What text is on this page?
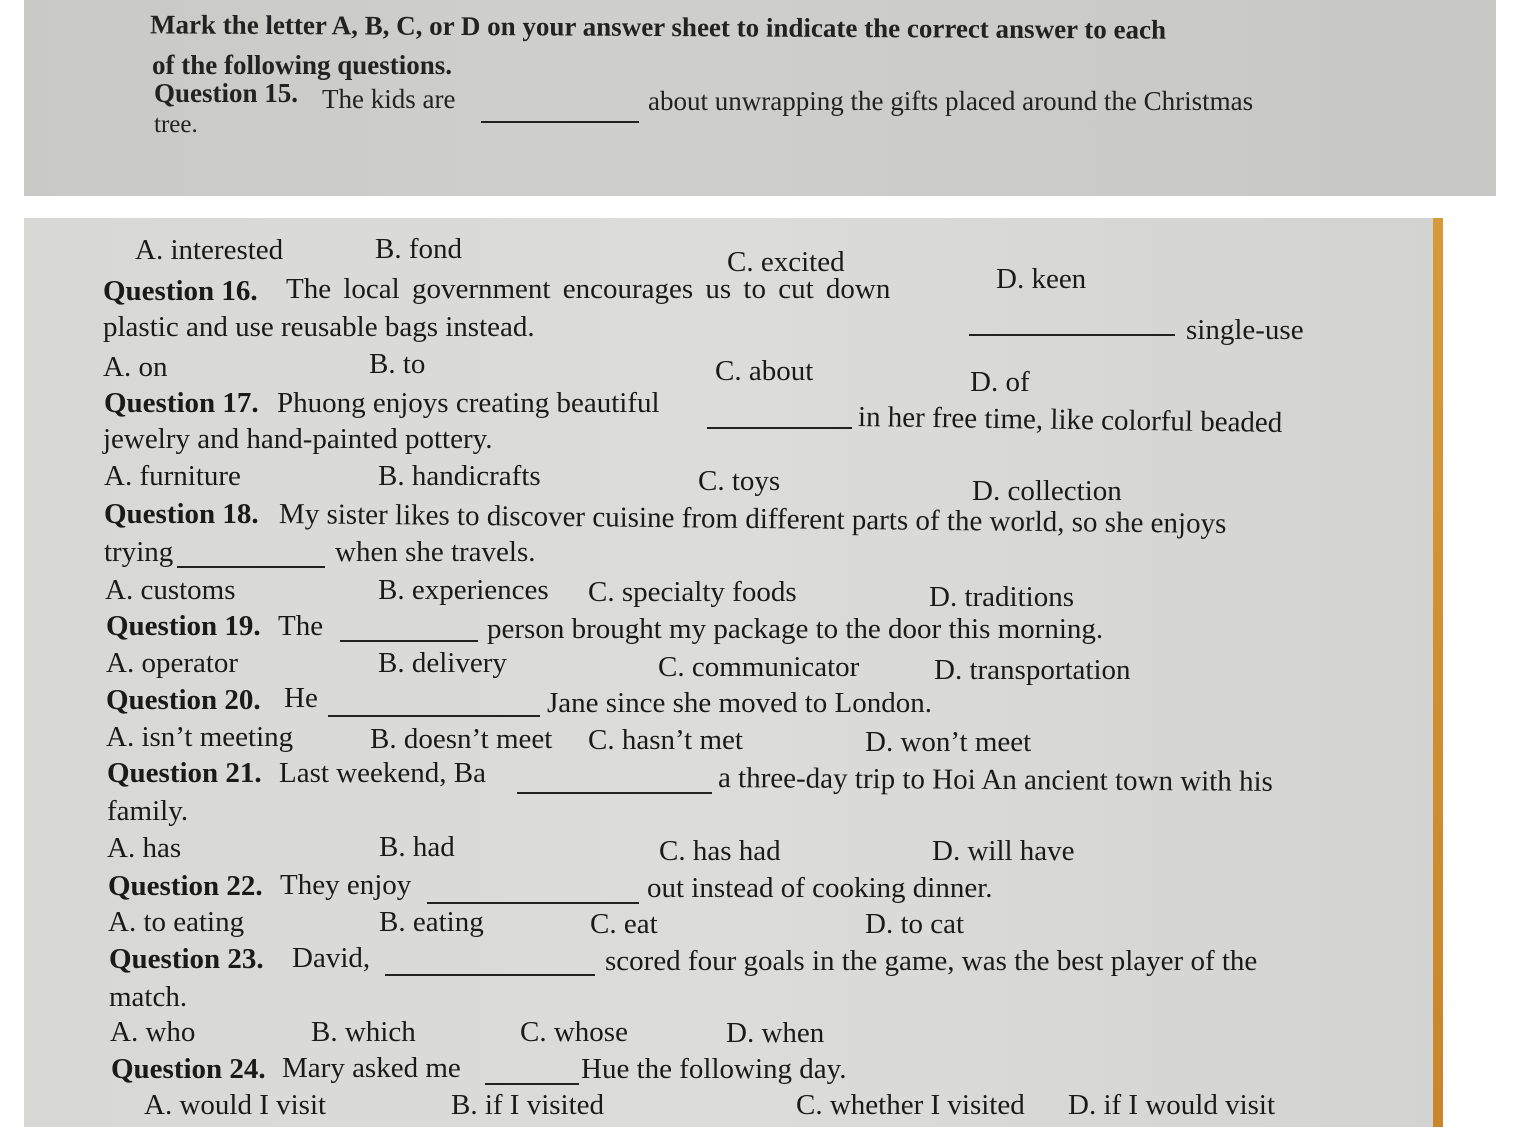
Mark the letter A, B, C, or D on your answer sheet to indicate the correct answer to each
of the following questions.
Question 15. The kids are	about unwrapping the gifts placed around the Christmas
tree.
A. interested	B. fond	C. excited
D. keen
Question 16. The local government encourages us to cut down
single-use
plastic and use reusable bags instead.
A. on	B. to	C. about	D. of
Question 17. Phuong enjoys creating beautiful	in her free time, like colorful beaded
jewelry and hand-painted pottery.
A. furniture	B. handicrafts	C. toys	D. collection
Question 18. My sister likes to discover cuisine from different parts of the world, so she enjoys
trying	when she travels.
A. customs	B. experiences C. specialty foods	D. traditions
Question 19. The	person brought my package to the door this morning.
A. operator	B. delivery	C. communicator	D. transportation
Question 20. He	Jane since she moved to London.
A. isn’t meeting	B. doesn’t meet C. hasn’t met	D. won’t meet
Question 21. Last weekend, Ba	a three-day trip to Hoi An ancient town with his
family.
A. has	B. had	C. has had	D. will have
Question 22. They enjoy	out instead of cooking dinner.
A. to eating	B. eating	C. eat	D. to cat
Question 23. David,	scored four goals in the game, was the best player of the
match.
A. who	B. which	C. whose	D. when
Question 24. Mary asked me	Hue the following day.
A. would I visit	B. if I visited	C. whether I visited D. if I would visit
